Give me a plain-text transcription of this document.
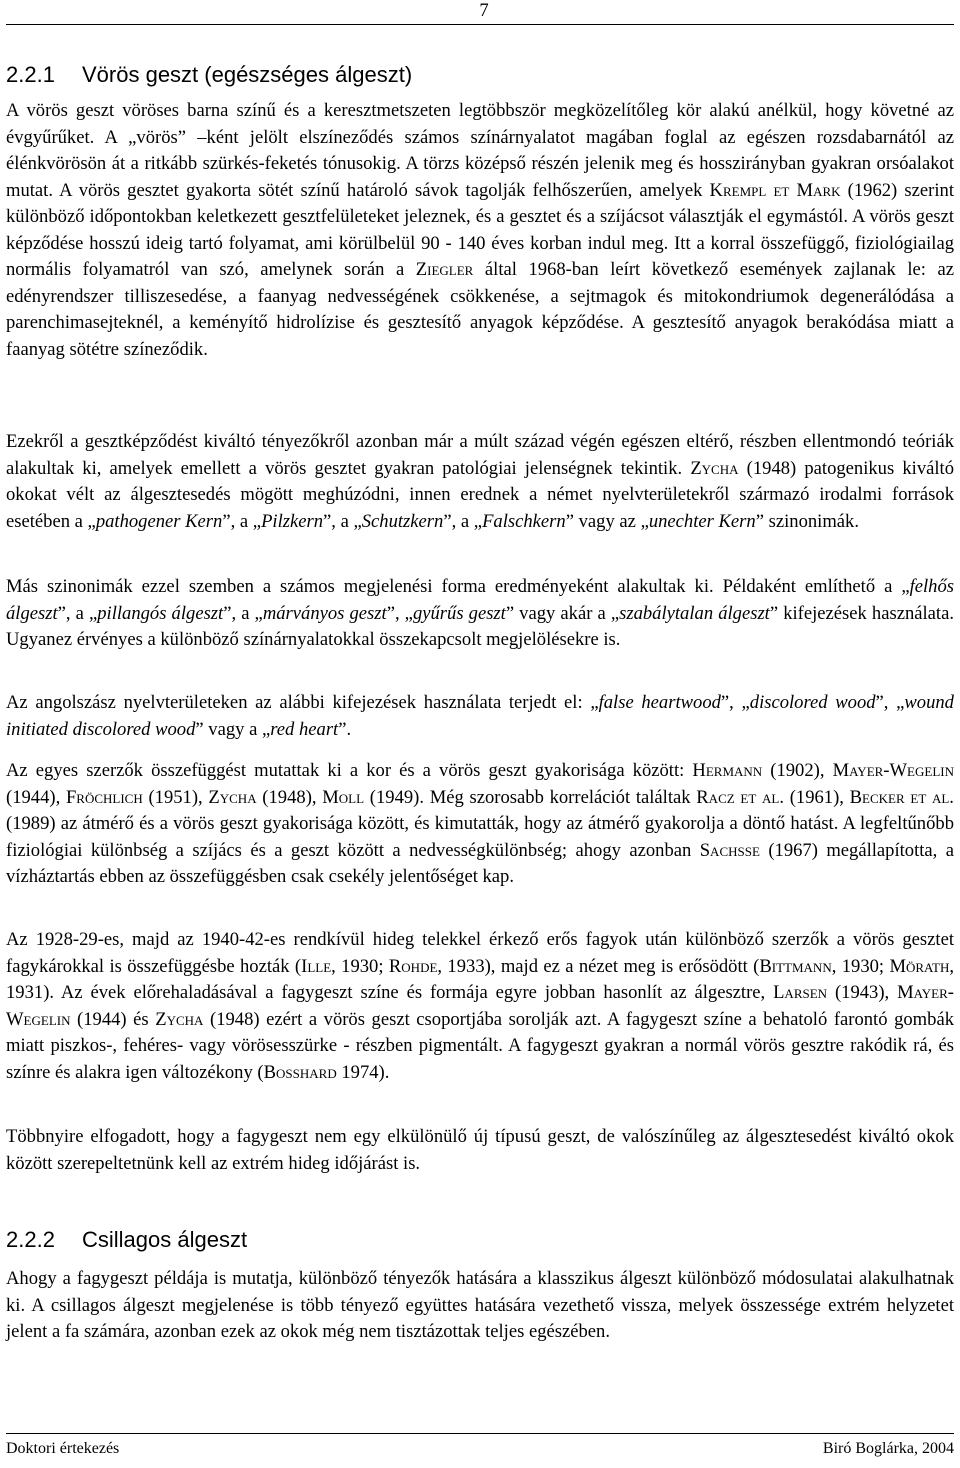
7
2.2.1 Vörös geszt (egészséges álgeszt)

A vörös geszt vöröses barna színű és a keresztmetszeten legtöbbször megközelítőleg kör alakú anélkül, hogy követné az évgyűrűket. A „vörös” –ként jelölt elszíneződés számos színárnyalatot magában foglal az egészen rozsdabarnától az élénkvörösön át a ritkább szürkés-feketés tónusokig. A törzs középső részén jelenik meg és hosszirányban gyakran orsóalakot mutat. A vörös gesztet gyakorta sötét színű határoló sávok tagolják felhőszerűen, amelyek Krempl et Mark (1962) szerint különböző időpontokban keletkezett gesztfelületeket jeleznek, és a gesztet és a szíjácsot választják el egymástól. A vörös geszt képződése hosszú ideig tartó folyamat, ami körülbelül 90 - 140 éves korban indul meg. Itt a korral összefüggő, fiziológiailag normális folyamatról van szó, amelynek során a Ziegler által 1968-ban leírt következő események zajlanak le: az edényrendszer tilliszesedése, a faanyag nedvességének csökkenése, a sejtmagok és mitokondriumok degenerálódása a parenchimasejteknél, a keményítő hidrolízise és gesztesítő anyagok képződése. A gesztesítő anyagok berakódása miatt a faanyag sötétre színeződik.

Ezekről a gesztképződést kiváltó tényezőkről azonban már a múlt század végén egészen eltérő, részben ellentmondó teóriák alakultak ki, amelyek emellett a vörös gesztet gyakran patológiai jelenségnek tekintik. Zycha (1948) patogenikus kiváltó okokat vélt az álgesztesedés mögött meghúzódni, innen erednek a német nyelvterületekről származó irodalmi források esetében a „pathogener Kern”, a „Pilzkern”, a „Schutzkern”, a „Falschkern” vagy az „unechter Kern” szinonimák.

Más szinonimák ezzel szemben a számos megjelenési forma eredményeként alakultak ki. Példaként említhető a „felhős álgeszt”, a „pillangós álgeszt”, a „márványos geszt”, „gyűrűs geszt” vagy akár a „szabálytalan álgeszt” kifejezések használata. Ugyanez érvényes a különböző színárnyalatokkal összekapcsolt megjelölésekre is.

Az angolszász nyelvterületeken az alábbi kifejezések használata terjedt el: „false heartwood”, „discolored wood”, „wound initiated discolored wood” vagy a „red heart”.

Az egyes szerzők összefüggést mutattak ki a kor és a vörös geszt gyakorisága között: Hermann (1902), Mayer-Wegelin (1944), Fröchlich (1951), Zycha (1948), Moll (1949). Még szorosabb korrelációt találtak Racz et al. (1961), Becker et al. (1989) az átmérő és a vörös geszt gyakorisága között, és kimutatták, hogy az átmérő gyakorolja a döntő hatást. A legfeltűnőbb fiziológiai különbség a szíjács és a geszt között a nedvességkülönbség; ahogy azonban Sachsse (1967) megállapította, a vízháztartás ebben az összefüggésben csak csekély jelentőséget kap.

Az 1928-29-es, majd az 1940-42-es rendkívül hideg telekkel érkező erős fagyok után különböző szerzők a vörös gesztet fagykárokkal is összefüggésbe hozták (Ille, 1930; Rohde, 1933), majd ez a nézet meg is erősödött (Bittmann, 1930; Mörath, 1931). Az évek előrehaladásával a fagygeszt színe és formája egyre jobban hasonlít az álgesztre, Larsen (1943), Mayer-Wegelin (1944) és Zycha (1948) ezért a vörös geszt csoportjába sorolják azt. A fagygeszt színe a behatoló farontó gombák miatt piszkos-, fehéres- vagy vörösesszürke - részben pigmentált. A fagygeszt gyakran a normál vörös gesztre rakódik rá, és színre és alakra igen változékony (Bosshard 1974).

Többnyire elfogadott, hogy a fagygeszt nem egy elkülönülő új típusú geszt, de valószínűleg az álgesztesedést kiváltó okok között szerepeltetnünk kell az extrém hideg időjárást is.

2.2.2 Csillagos álgeszt

Ahogy a fagygeszt példája is mutatja, különböző tényezők hatására a klasszikus álgeszt különböző módosulatai alakulhatnak ki. A csillagos álgeszt megjelenése is több tényező együttes hatására vezethető vissza, melyek összessége extrém helyzetet jelent a fa számára, azonban ezek az okok még nem tisztázottak teljes egészében.

Doktori értekezés	Biró Boglárka, 2004
